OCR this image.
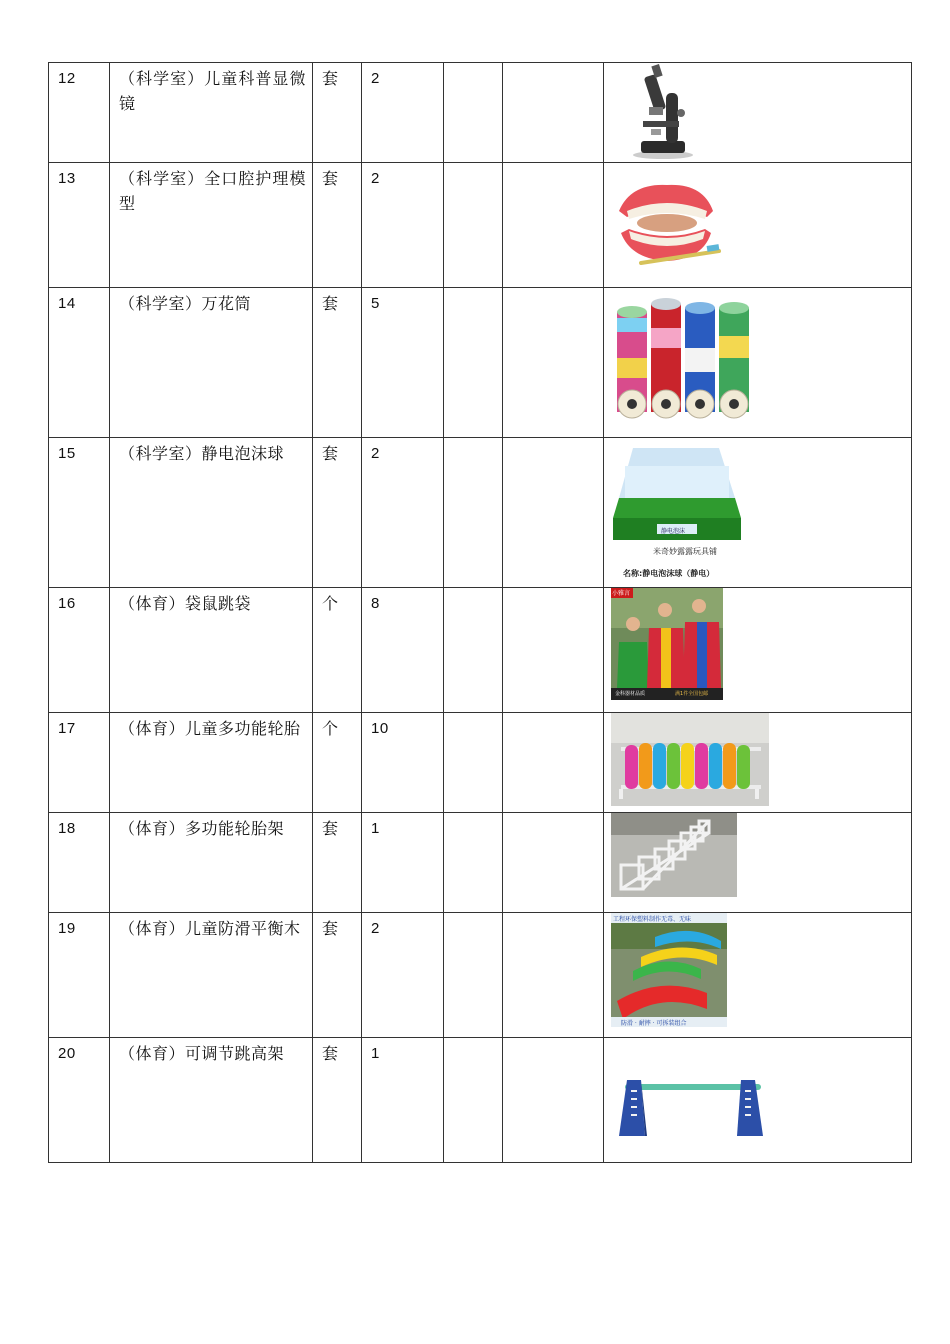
12	（科学室）儿童科普显微镜	套	2

13	（科学室）全口腔护理模型	套	2

14	（科学室）万花筒	套	5

15	（科学室）静电泡沫球	套	2			静电泡沫
米奇妙露露玩具铺
名称:静电泡沫球（静电）

16	（体育）袋鼠跳袋	个	8			小雅言
金科器材品质 满1件全国包邮

17	（体育）儿童多功能轮胎	个	10

18	（体育）多功能轮胎架	套	1

19	（体育）儿童防滑平衡木	套	2			工程环保塑料制作无毒、无味
防滑 · 耐摔 · 可拆装组合

20	（体育）可调节跳高架	套	1
